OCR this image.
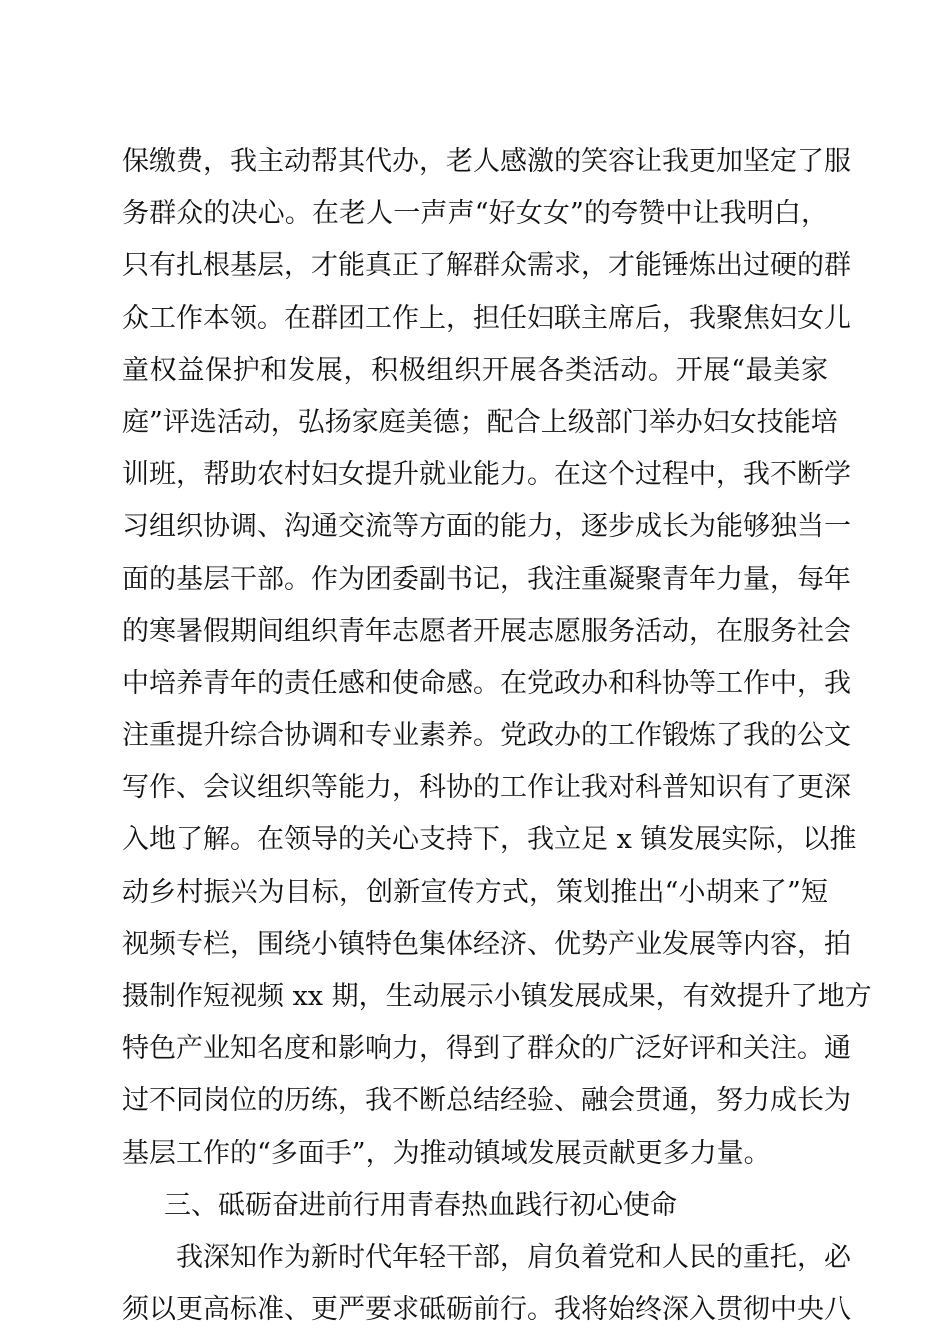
保缴费，我主动帮其代办，老人感激的笑容让我更加坚定了服
务群众的决心。在老人一声声“好女女”的夸赞中让我明白，
只有扎根基层，才能真正了解群众需求，才能锤炼出过硬的群
众工作本领。在群团工作上，担任妇联主席后，我聚焦妇女儿
童权益保护和发展，积极组织开展各类活动。开展“最美家
庭”评选活动，弘扬家庭美德；配合上级部门举办妇女技能培
训班，帮助农村妇女提升就业能力。在这个过程中，我不断学
习组织协调、沟通交流等方面的能力，逐步成长为能够独当一
面的基层干部。作为团委副书记，我注重凝聚青年力量，每年
的寒暑假期间组织青年志愿者开展志愿服务活动，在服务社会
中培养青年的责任感和使命感。在党政办和科协等工作中，我
注重提升综合协调和专业素养。党政办的工作锻炼了我的公文
写作、会议组织等能力，科协的工作让我对科普知识有了更深
入地了解。在领导的关心支持下，我立足 x 镇发展实际，以推
动乡村振兴为目标，创新宣传方式，策划推出“小胡来了”短
视频专栏，围绕小镇特色集体经济、优势产业发展等内容，拍
摄制作短视频 xx 期，生动展示小镇发展成果，有效提升了地方
特色产业知名度和影响力，得到了群众的广泛好评和关注。通
过不同岗位的历练，我不断总结经验、融会贯通，努力成长为
基层工作的“多面手”，为推动镇域发展贡献更多力量。
三、砥砺奋进前行用青春热血践行初心使命
我深知作为新时代年轻干部，肩负着党和人民的重托，必
须以更高标准、更严要求砥砺前行。我将始终深入贯彻中央八
